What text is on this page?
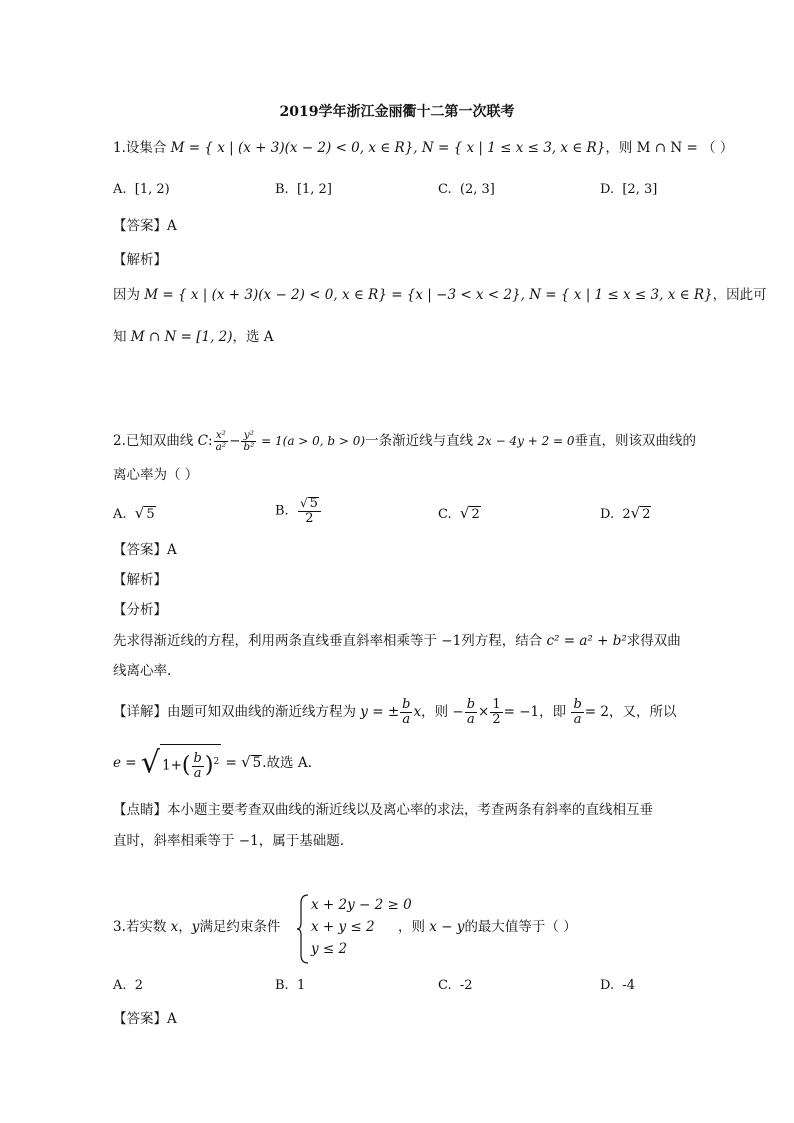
2019学年浙江金丽衢十二第一次联考
1.设集合 M = { x | (x + 3)(x − 2) < 0, x ∈ R}, N = { x | 1 ≤ x ≤ 3, x ∈ R}，则 M ∩ N = （ ）
A. [1, 2)	B. [1, 2]	C. (2, 3]	D. [2, 3]
【答案】A
【解析】
因为 M = { x | (x + 3)(x − 2) < 0, x ∈ R} = {x | −3 < x < 2}, N = { x | 1 ≤ x ≤ 3, x ∈ R}，因此可
知 M ∩ N = [1, 2)，选 A
2.已知双曲线 C: $\frac{\text{x²}}{\text{a²}} - \frac{\text{y²}}{\text{b²}} = 1(a > 0$, b > 0)一条渐近线与直线 2x − 4y + 2 = 0垂直，则该双曲线的
离心率为（ ）
A. √ 5	B. $\frac{√ 5}{2}$	C. √ 2	D. 2√ 2
【答案】A
【解析】
【分析】
先求得渐近线的方程，利用两条直线垂直斜率相乘等于 −1列方程，结合 c² = a² + b²求得双曲
线离心率.
【详解】由题可知双曲线的渐近线方程为 y = ± $\frac{b}{a}$ x，则 − $\frac{b}{a} \times \frac{1}{2} = -1$，即 $\frac{b}{a} = 2$，又，所以
e = √ $1+( \frac{b}{a} )^2$ = √ 5.故选 A.
【点睛】本小题主要考查双曲线的渐近线以及离心率的求法，考查两条有斜率的直线相互垂
直时，斜率相乘等于 −1，属于基础题.
3.若实数 x，y满足约束条件
x + 2y − 2 ≥ 0
x + y ≤ 2
y ≤ 2
，则 x − y的最大值等于（ ）
A. 2	B. 1	C. -2	D. -4
【答案】A
